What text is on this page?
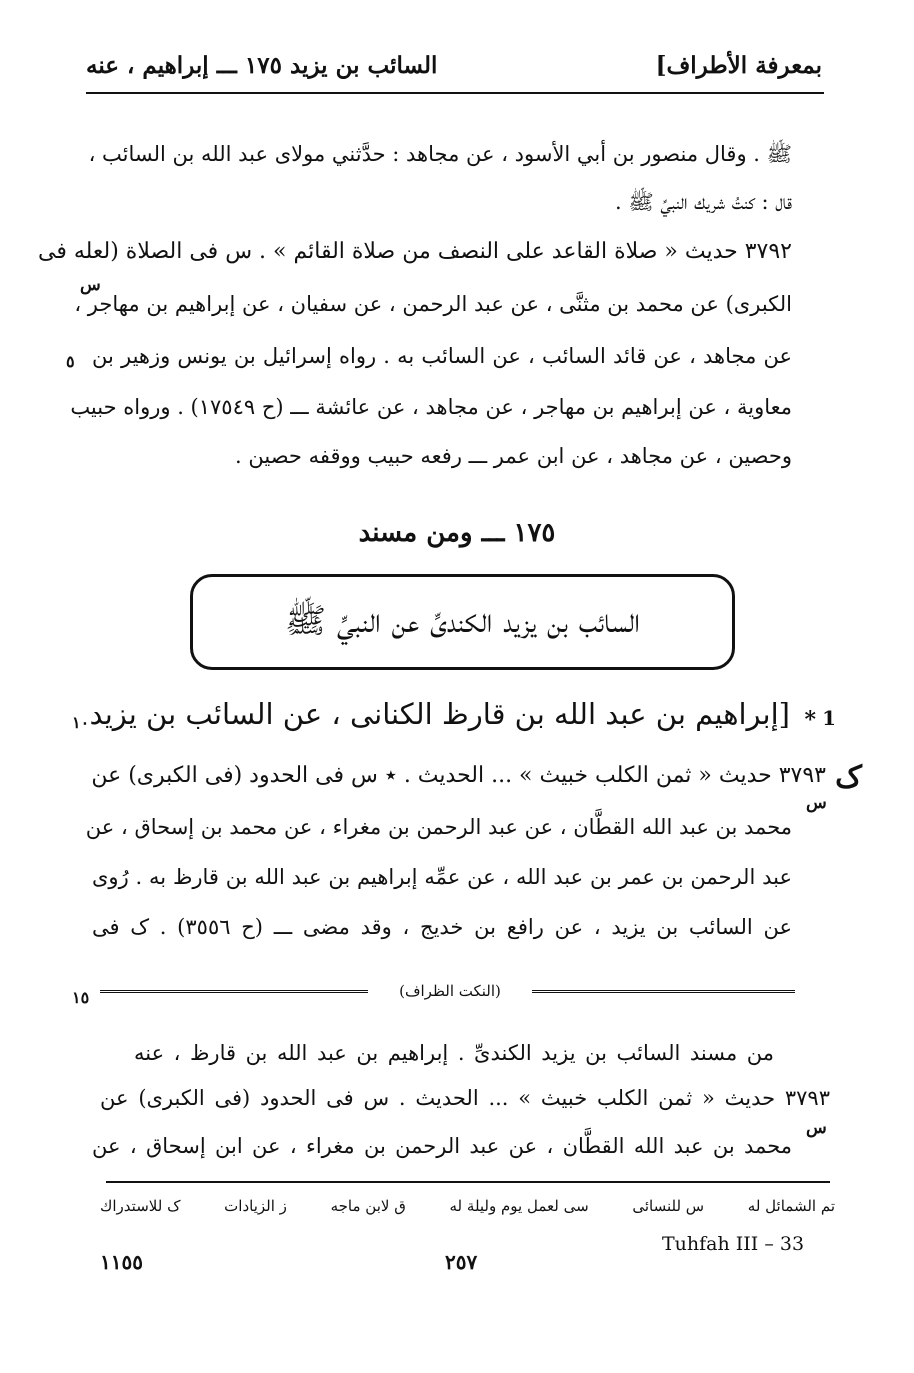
بمعرفة الأطراف]
السائب بن يزيد ١٧٥ ـــ إبراهيم ، عنه
ﷺ . وقال منصور بن أبي الأسود ، عن مجاهد : حدَّثني مولاى عبد الله بن السائب ،
قال : كنتُ شريك النبيِّ ﷺ .
٣٧٩٢ حديث « صلاة القاعد على النصف من صلاة القائم » . س فى الصلاة (لعله فى
س
الكبرى) عن محمد بن مثنَّى ، عن عبد الرحمن ، عن سفيان ، عن إبراهيم بن مهاجر ،
عن مجاهد ، عن قائد السائب ، عن السائب به . رواه إسرائيل بن يونس وزهير بن
٥
معاوية ، عن إبراهيم بن مهاجر ، عن مجاهد ، عن عائشة ـــ (ح ١٧٥٤٩) . ورواه حبيب
وحصين ، عن مجاهد ، عن ابن عمر ـــ رفعه حبيب ووقفه حصين .
١٧٥ ـــ ومن مسند
السائب بن يزيد الكندىِّ عن النبيِّ ﷺ
1
*
[إبراهيم بن عبد الله بن قارظ الكنانى ، عن السائب بن يزيد
١٠
ک
٣٧٩٣ حديث « ثمن الكلب خبيث » ... الحديث . ٭ س فى الحدود (فى الكبرى) عن
س
محمد بن عبد الله القطَّان ، عن عبد الرحمن بن مغراء ، عن محمد بن إسحاق ، عن
عبد الرحمن بن عمر بن عبد الله ، عن عمِّه إبراهيم بن عبد الله بن قارظ به . رُوى
عن السائب بن يزيد ، عن رافع بن خديج ، وقد مضى ـــ (ح ٣٥٥٦) . ک فى
(النكت الظراف)
١٥
من مسند السائب بن يزيد الكندىِّ . إبراهيم بن عبد الله بن قارظ ، عنه
٣٧٩٣ حديث « ثمن الكلب خبيث » ... الحديث . س فى الحدود (فى الكبرى) عن
س
محمد بن عبد الله القطَّان ، عن عبد الرحمن بن مغراء ، عن ابن إسحاق ، عن
تم الشمائل له
س للنسائى
سى لعمل يوم وليلة له
ق لابن ماجه
ز الزيادات
ک للاستدراك
Tuhfah III – 33
٢٥٧
١١٥٥
